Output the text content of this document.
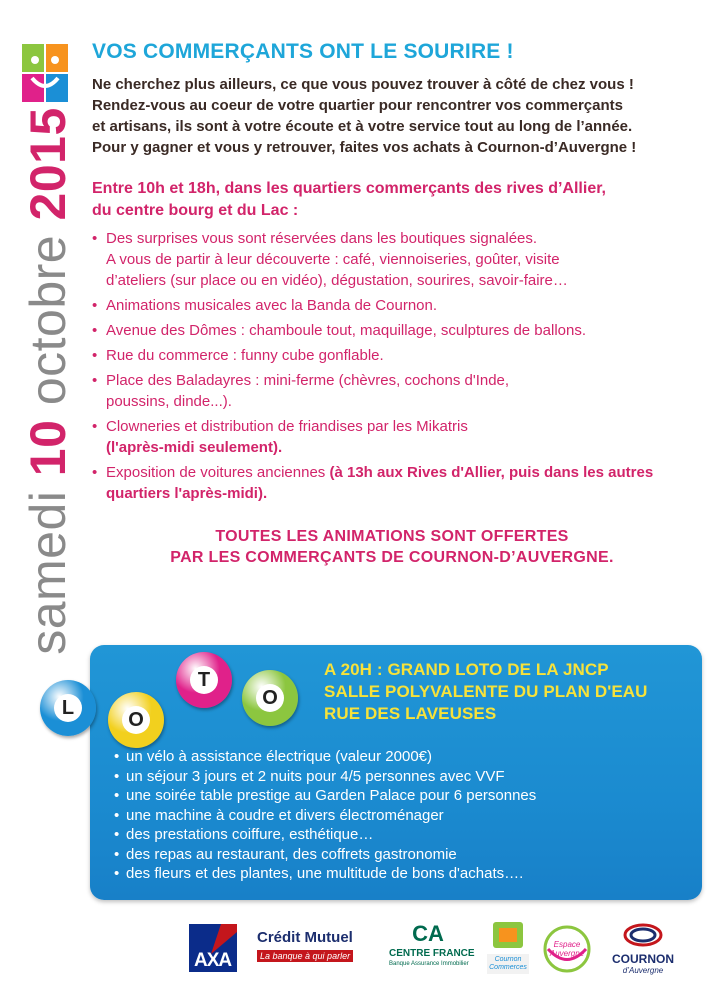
samedi 10 octobre 2015
VOS COMMERÇANTS ONT LE SOURIRE !

Ne cherchez plus ailleurs, ce que vous pouvez trouver à côté de chez vous !
Rendez-vous au coeur de votre quartier pour rencontrer vos commerçants
et artisans, ils sont à votre écoute et à votre service tout au long de l’année.
Pour y gagner et vous y retrouver, faites vos achats à Cournon-d’Auvergne !

Entre 10h et 18h, dans les quartiers commerçants des rives d’Allier,
du centre bourg et du Lac :

• Des surprises vous sont réservées dans les boutiques signalées.
A vous de partir à leur découverte : café, viennoiseries, goûter, visite
d’ateliers (sur place ou en vidéo), dégustation, sourires, savoir-faire…
• Animations musicales avec la Banda de Cournon.
• Avenue des Dômes : chamboule tout, maquillage, sculptures de ballons.
• Rue du commerce : funny cube gonflable.
• Place des Baladayres : mini-ferme (chèvres, cochons d'Inde,
poussins, dinde...).
• Clowneries et distribution de friandises par les Mikatris
(l'après-midi seulement).
• Exposition de voitures anciennes (à 13h aux Rives d'Allier, puis dans les autres quartiers l'après-midi).

TOUTES LES ANIMATIONS SONT OFFERTES
PAR LES COMMERÇANTS DE COURNON-D’AUVERGNE.

A 20H : GRAND LOTO DE LA JNCP
SALLE POLYVALENTE DU PLAN D'EAU
RUE DES LAVEUSES
• un vélo à assistance électrique (valeur 2000€)
• un séjour 3 jours et 2 nuits pour 4/5 personnes avec VVF
• une soirée table prestige au Garden Palace pour 6 personnes
• une machine à coudre et divers électroménager
• des prestations coiffure, esthétique…
• des repas au restaurant, des coffrets gastronomie
• des fleurs et des plantes, une multitude de bons d'achats….
L
O
T
O
AXA
Crédit Mutuel
La banque à qui parler
CA
CENTRE FRANCE
Banque Assurance Immobilier
Cournon Commerces
Espace Auvergne	COURNON
d’Auvergne
